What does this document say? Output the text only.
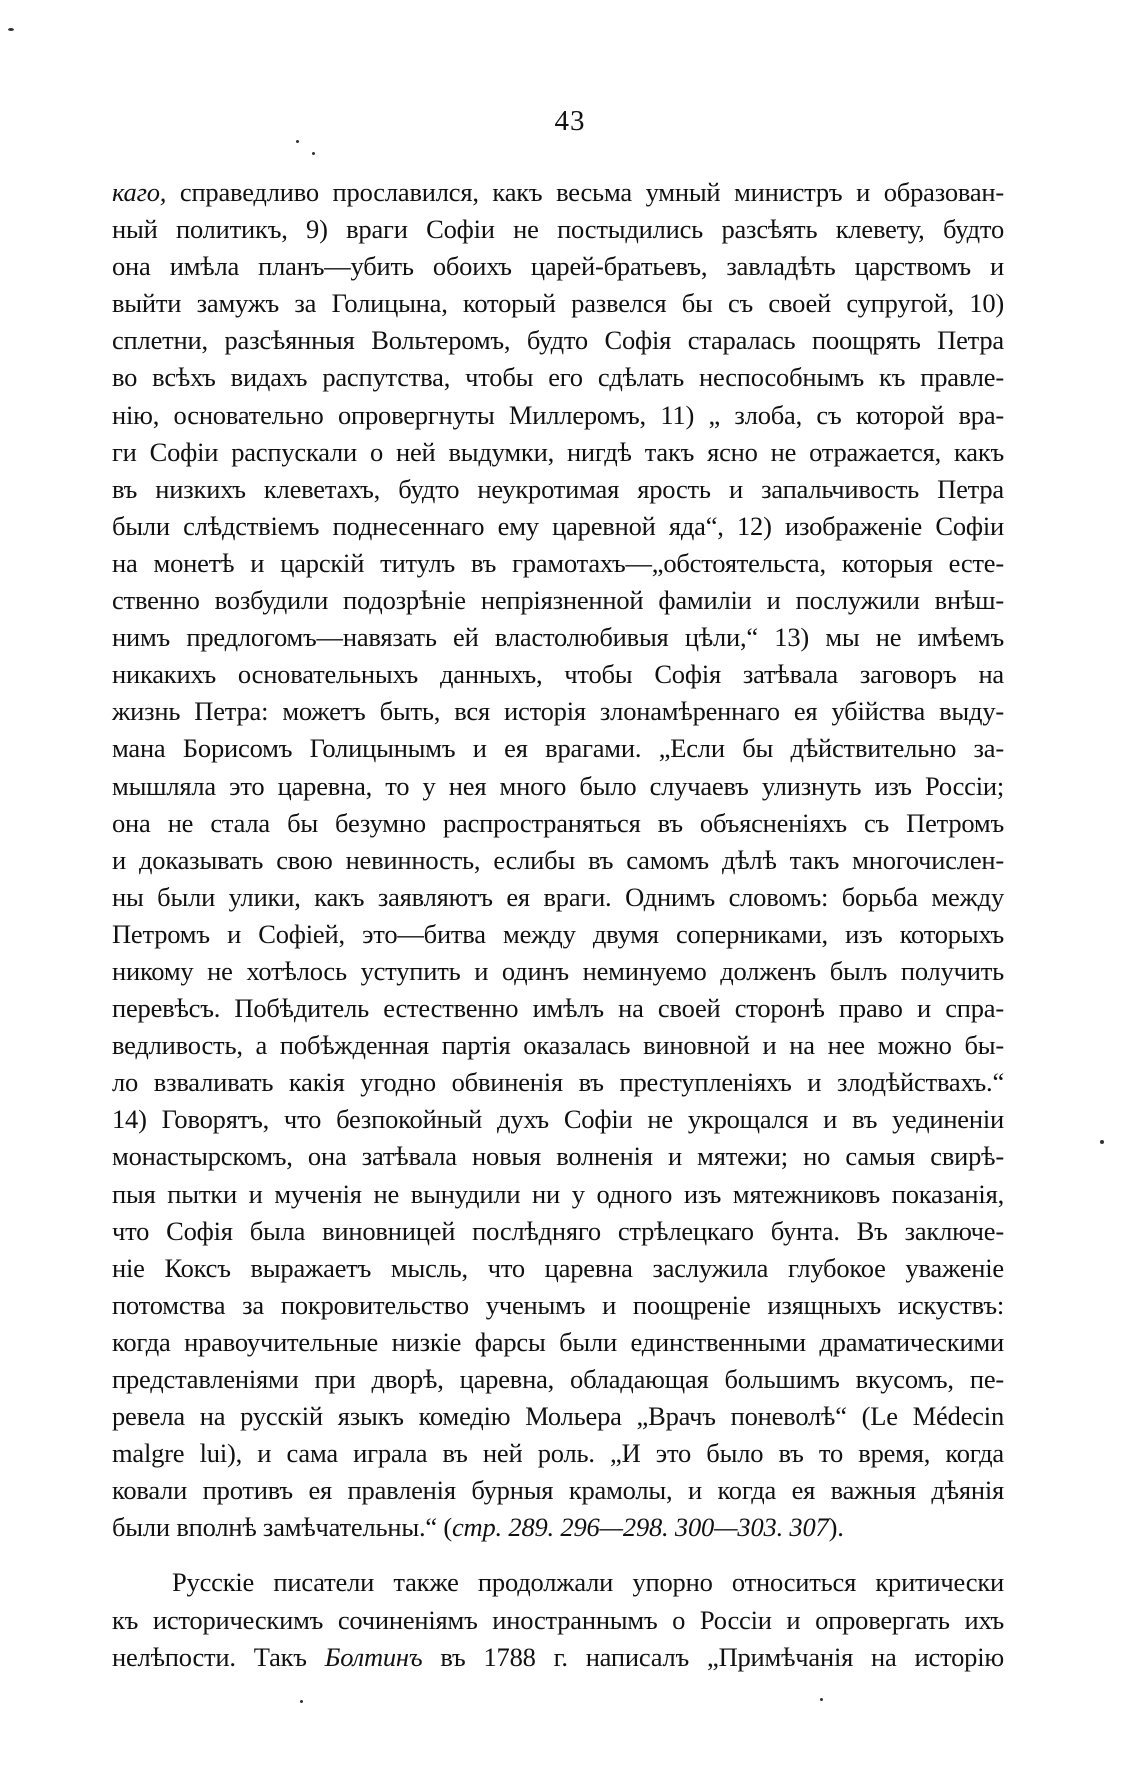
43
каго, справедливо прославился, какъ весьма умный министръ и образован-
ный политикъ, 9) враги Софіи не постыдились разсѣять клевету, будто
она имѣла планъ—убить обоихъ царей-братьевъ, завладѣть царствомъ и
выйти замужъ за Голицына, который развелся бы съ своей супругой, 10)
сплетни, разсѣянныя Вольтеромъ, будто Софія старалась поощрять Петра
во всѣхъ видахъ распутства, чтобы его сдѣлать неспособнымъ къ правле-
нію, основательно опровергнуты Миллеромъ, 11) „ злоба, съ которой вра-
ги Софіи распускали о ней выдумки, нигдѣ такъ ясно не отражается, какъ
въ низкихъ клеветахъ, будто неукротимая ярость и запальчивость Петра
были слѣдствіемъ поднесеннаго ему царевной яда“, 12) изображеніе Софіи
на монетѣ и царскій титулъ въ грамотахъ—„обстоятельста, которыя есте-
ственно возбудили подозрѣніе непріязненной фамиліи и послужили внѣш-
нимъ предлогомъ—навязать ей властолюбивыя цѣли,“ 13) мы не имѣемъ
никакихъ основательныхъ данныхъ, чтобы Софія затѣвала заговоръ на
жизнь Петра: можетъ быть, вся исторія злонамѣреннаго ея убійства выду-
мана Борисомъ Голицынымъ и ея врагами. „Если бы дѣйствительно за-
мышляла это царевна, то у нея много было случаевъ улизнуть изъ Россіи;
она не стала бы безумно распространяться въ объясненіяхъ съ Петромъ
и доказывать свою невинность, еслибы въ самомъ дѣлѣ такъ многочислен-
ны были улики, какъ заявляютъ ея враги. Однимъ словомъ: борьба между
Петромъ и Софіей, это—битва между двумя соперниками, изъ которыхъ
никому не хотѣлось уступить и одинъ неминуемо долженъ былъ получить
перевѣсъ. Побѣдитель естественно имѣлъ на своей сторонѣ право и спра-
ведливость, а побѣжденная партія оказалась виновной и на нее можно бы-
ло взваливать какія угодно обвиненія въ преступленіяхъ и злодѣйствахъ.“
14) Говорятъ, что безпокойный духъ Софіи не укрощался и въ уединеніи
монастырскомъ, она затѣвала новыя волненія и мятежи; но самыя свирѣ-
пыя пытки и мученія не вынудили ни у одного изъ мятежниковъ показанія,
что Софія была виновницей послѣдняго стрѣлецкаго бунта. Въ заключе-
ніе Коксъ выражаетъ мысль, что царевна заслужила глубокое уваженіе
потомства за покровительство ученымъ и поощреніе изящныхъ искуствъ:
когда нравоучительные низкіе фарсы были единственными драматическими
представленіями при дворѣ, царевна, обладающая большимъ вкусомъ, пе-
ревела на русскій языкъ комедію Мольера „Врачъ поневолѣ“ (Le Médecin
malgre lui), и сама играла въ ней роль. „И это было въ то время, когда
ковали противъ ея правленія бурныя крамолы, и когда ея важныя дѣянія
были вполнѣ замѣчательны.“ (стр. 289. 296—298. 300—303. 307).
Русскіе писатели также продолжали упорно относиться критически
къ историческимъ сочиненіямъ иностраннымъ о Россіи и опровергать ихъ
нелѣпости. Такъ Болтинъ въ 1788 г. написалъ „Примѣчанія на исторію
